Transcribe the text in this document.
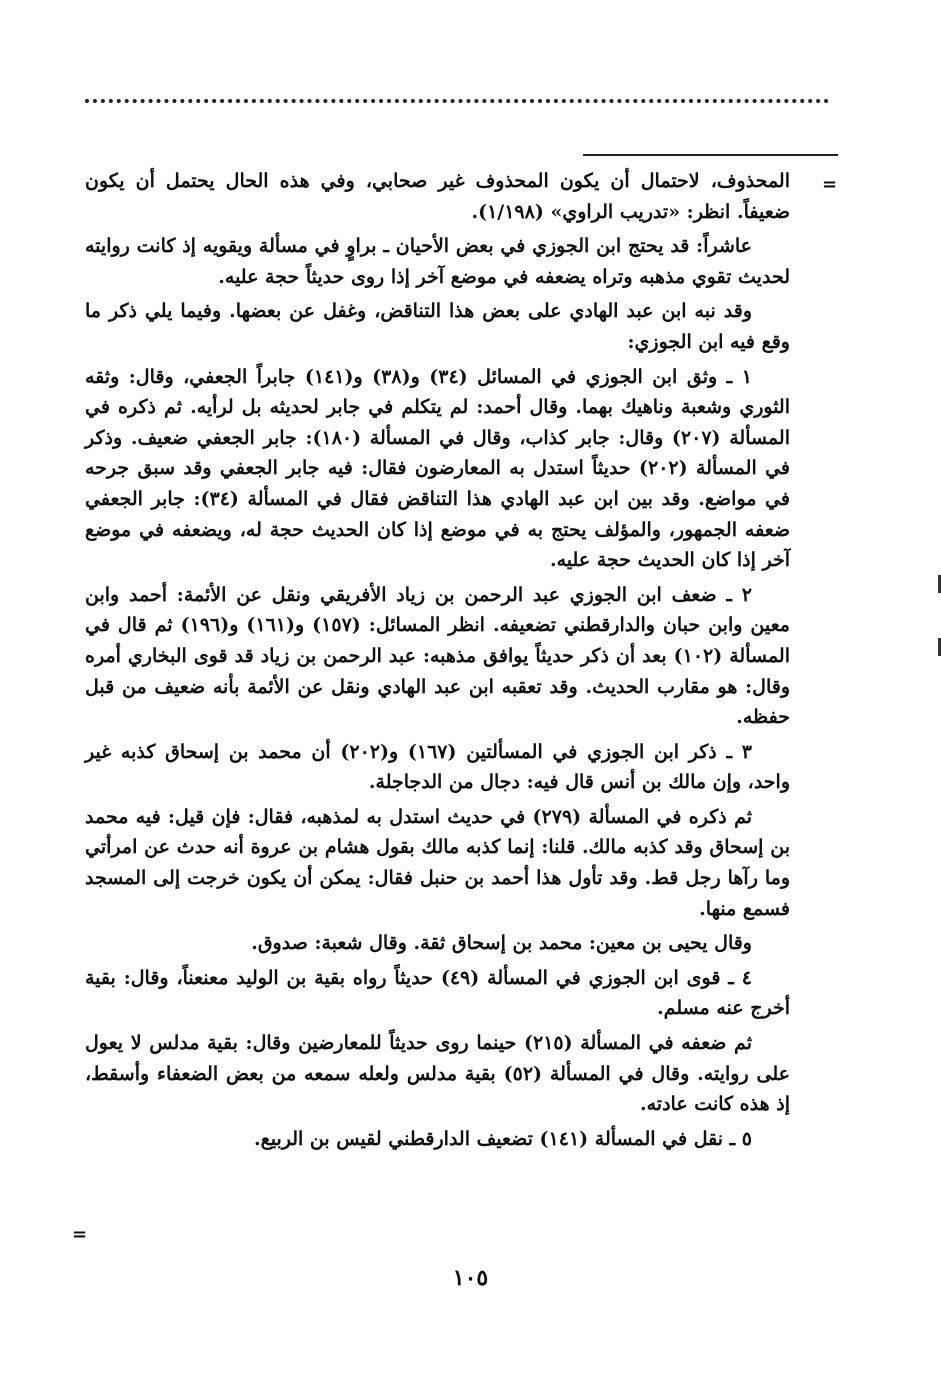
=
=

المحذوف، لاحتمال أن يكون المحذوف غير صحابي، وفي هذه الحال يحتمل أن يكون ضعيفاً. انظر: «تدريب الراوي» (١/١٩٨).

عاشراً: قد يحتج ابن الجوزي في بعض الأحيان ـ براوٍ في مسألة ويقويه إذ كانت روايته لحديث تقوي مذهبه وتراه يضعفه في موضع آخر إذا روى حديثاً حجة عليه.

وقد نبه ابن عبد الهادي على بعض هذا التناقض، وغفل عن بعضها. وفيما يلي ذكر ما وقع فيه ابن الجوزي:

١ ـ وثق ابن الجوزي في المسائل (٣٤) و(٣٨) و(١٤١) جابراً الجعفي، وقال: وثقه الثوري وشعبة وناهيك بهما. وقال أحمد: لم يتكلم في جابر لحديثه بل لرأيه. ثم ذكره في المسألة (٢٠٧) وقال: جابر كذاب، وقال في المسألة (١٨٠): جابر الجعفي ضعيف. وذكر في المسألة (٢٠٢) حديثاً استدل به المعارضون فقال: فيه جابر الجعفي وقد سبق جرحه في مواضع. وقد بين ابن عبد الهادي هذا التناقض فقال في المسألة (٣٤): جابر الجعفي ضعفه الجمهور، والمؤلف يحتج به في موضع إذا كان الحديث حجة له، ويضعفه في موضع آخر إذا كان الحديث حجة عليه.

٢ ـ ضعف ابن الجوزي عبد الرحمن بن زياد الأفريقي ونقل عن الأئمة: أحمد وابن معين وابن حبان والدارقطني تضعيفه. انظر المسائل: (١٥٧) و(١٦١) و(١٩٦) ثم قال في المسألة (١٠٢) بعد أن ذكر حديثاً يوافق مذهبه: عبد الرحمن بن زياد قد قوى البخاري أمره وقال: هو مقارب الحديث. وقد تعقبه ابن عبد الهادي ونقل عن الأئمة بأنه ضعيف من قبل حفظه.

٣ ـ ذكر ابن الجوزي في المسألتين (١٦٧) و(٢٠٢) أن محمد بن إسحاق كذبه غير واحد، وإن مالك بن أنس قال فيه: دجال من الدجاجلة.

ثم ذكره في المسألة (٢٧٩) في حديث استدل به لمذهبه، فقال: فإن قيل: فيه محمد بن إسحاق وقد كذبه مالك. قلنا: إنما كذبه مالك بقول هشام بن عروة أنه حدث عن امرأتي وما رآها رجل قط. وقد تأول هذا أحمد بن حنبل فقال: يمكن أن يكون خرجت إلى المسجد فسمع منها.

وقال يحيى بن معين: محمد بن إسحاق ثقة. وقال شعبة: صدوق.

٤ ـ قوى ابن الجوزي في المسألة (٤٩) حديثاً رواه بقية بن الوليد معنعناً، وقال: بقية أخرج عنه مسلم.

ثم ضعفه في المسألة (٢١٥) حينما روى حديثاً للمعارضين وقال: بقية مدلس لا يعول على روايته. وقال في المسألة (٥٢) بقية مدلس ولعله سمعه من بعض الضعفاء وأسقط، إذ هذه كانت عادته.

٥ ـ نقل في المسألة (١٤١) تضعيف الدارقطني لقيس بن الربيع.

١٠٥
